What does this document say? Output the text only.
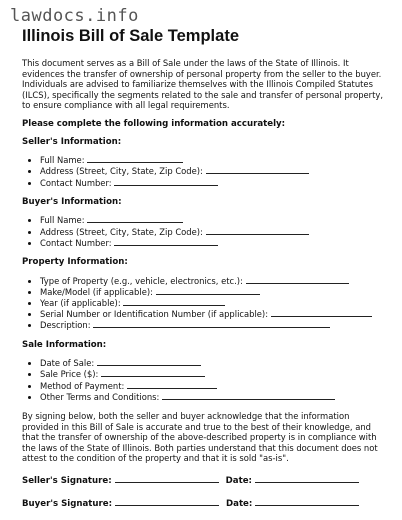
lawdocs.info
Illinois Bill of Sale Template

This document serves as a Bill of Sale under the laws of the State of Illinois. It evidences the transfer of ownership of personal property from the seller to the buyer. Individuals are advised to familiarize themselves with the Illinois Compiled Statutes (ILCS), specifically the segments related to the sale and transfer of personal property, to ensure compliance with all legal requirements.

Please complete the following information accurately:

Seller's Information:
• Full Name:
• Address (Street, City, State, Zip Code):
• Contact Number:
Buyer's Information:
• Full Name:
• Address (Street, City, State, Zip Code):
• Contact Number:
Property Information:
• Type of Property (e.g., vehicle, electronics, etc.):
• Make/Model (if applicable):
• Year (if applicable):
• Serial Number or Identification Number (if applicable):
• Description:
Sale Information:
• Date of Sale:
• Sale Price ($):
• Method of Payment:
• Other Terms and Conditions:

By signing below, both the seller and buyer acknowledge that the information provided in this Bill of Sale is accurate and true to the best of their knowledge, and that the transfer of ownership of the above-described property is in compliance with the laws of the State of Illinois. Both parties understand that this document does not attest to the condition of the property and that it is sold "as-is".

Seller's Signature:	Date:
Buyer's Signature:	Date:
